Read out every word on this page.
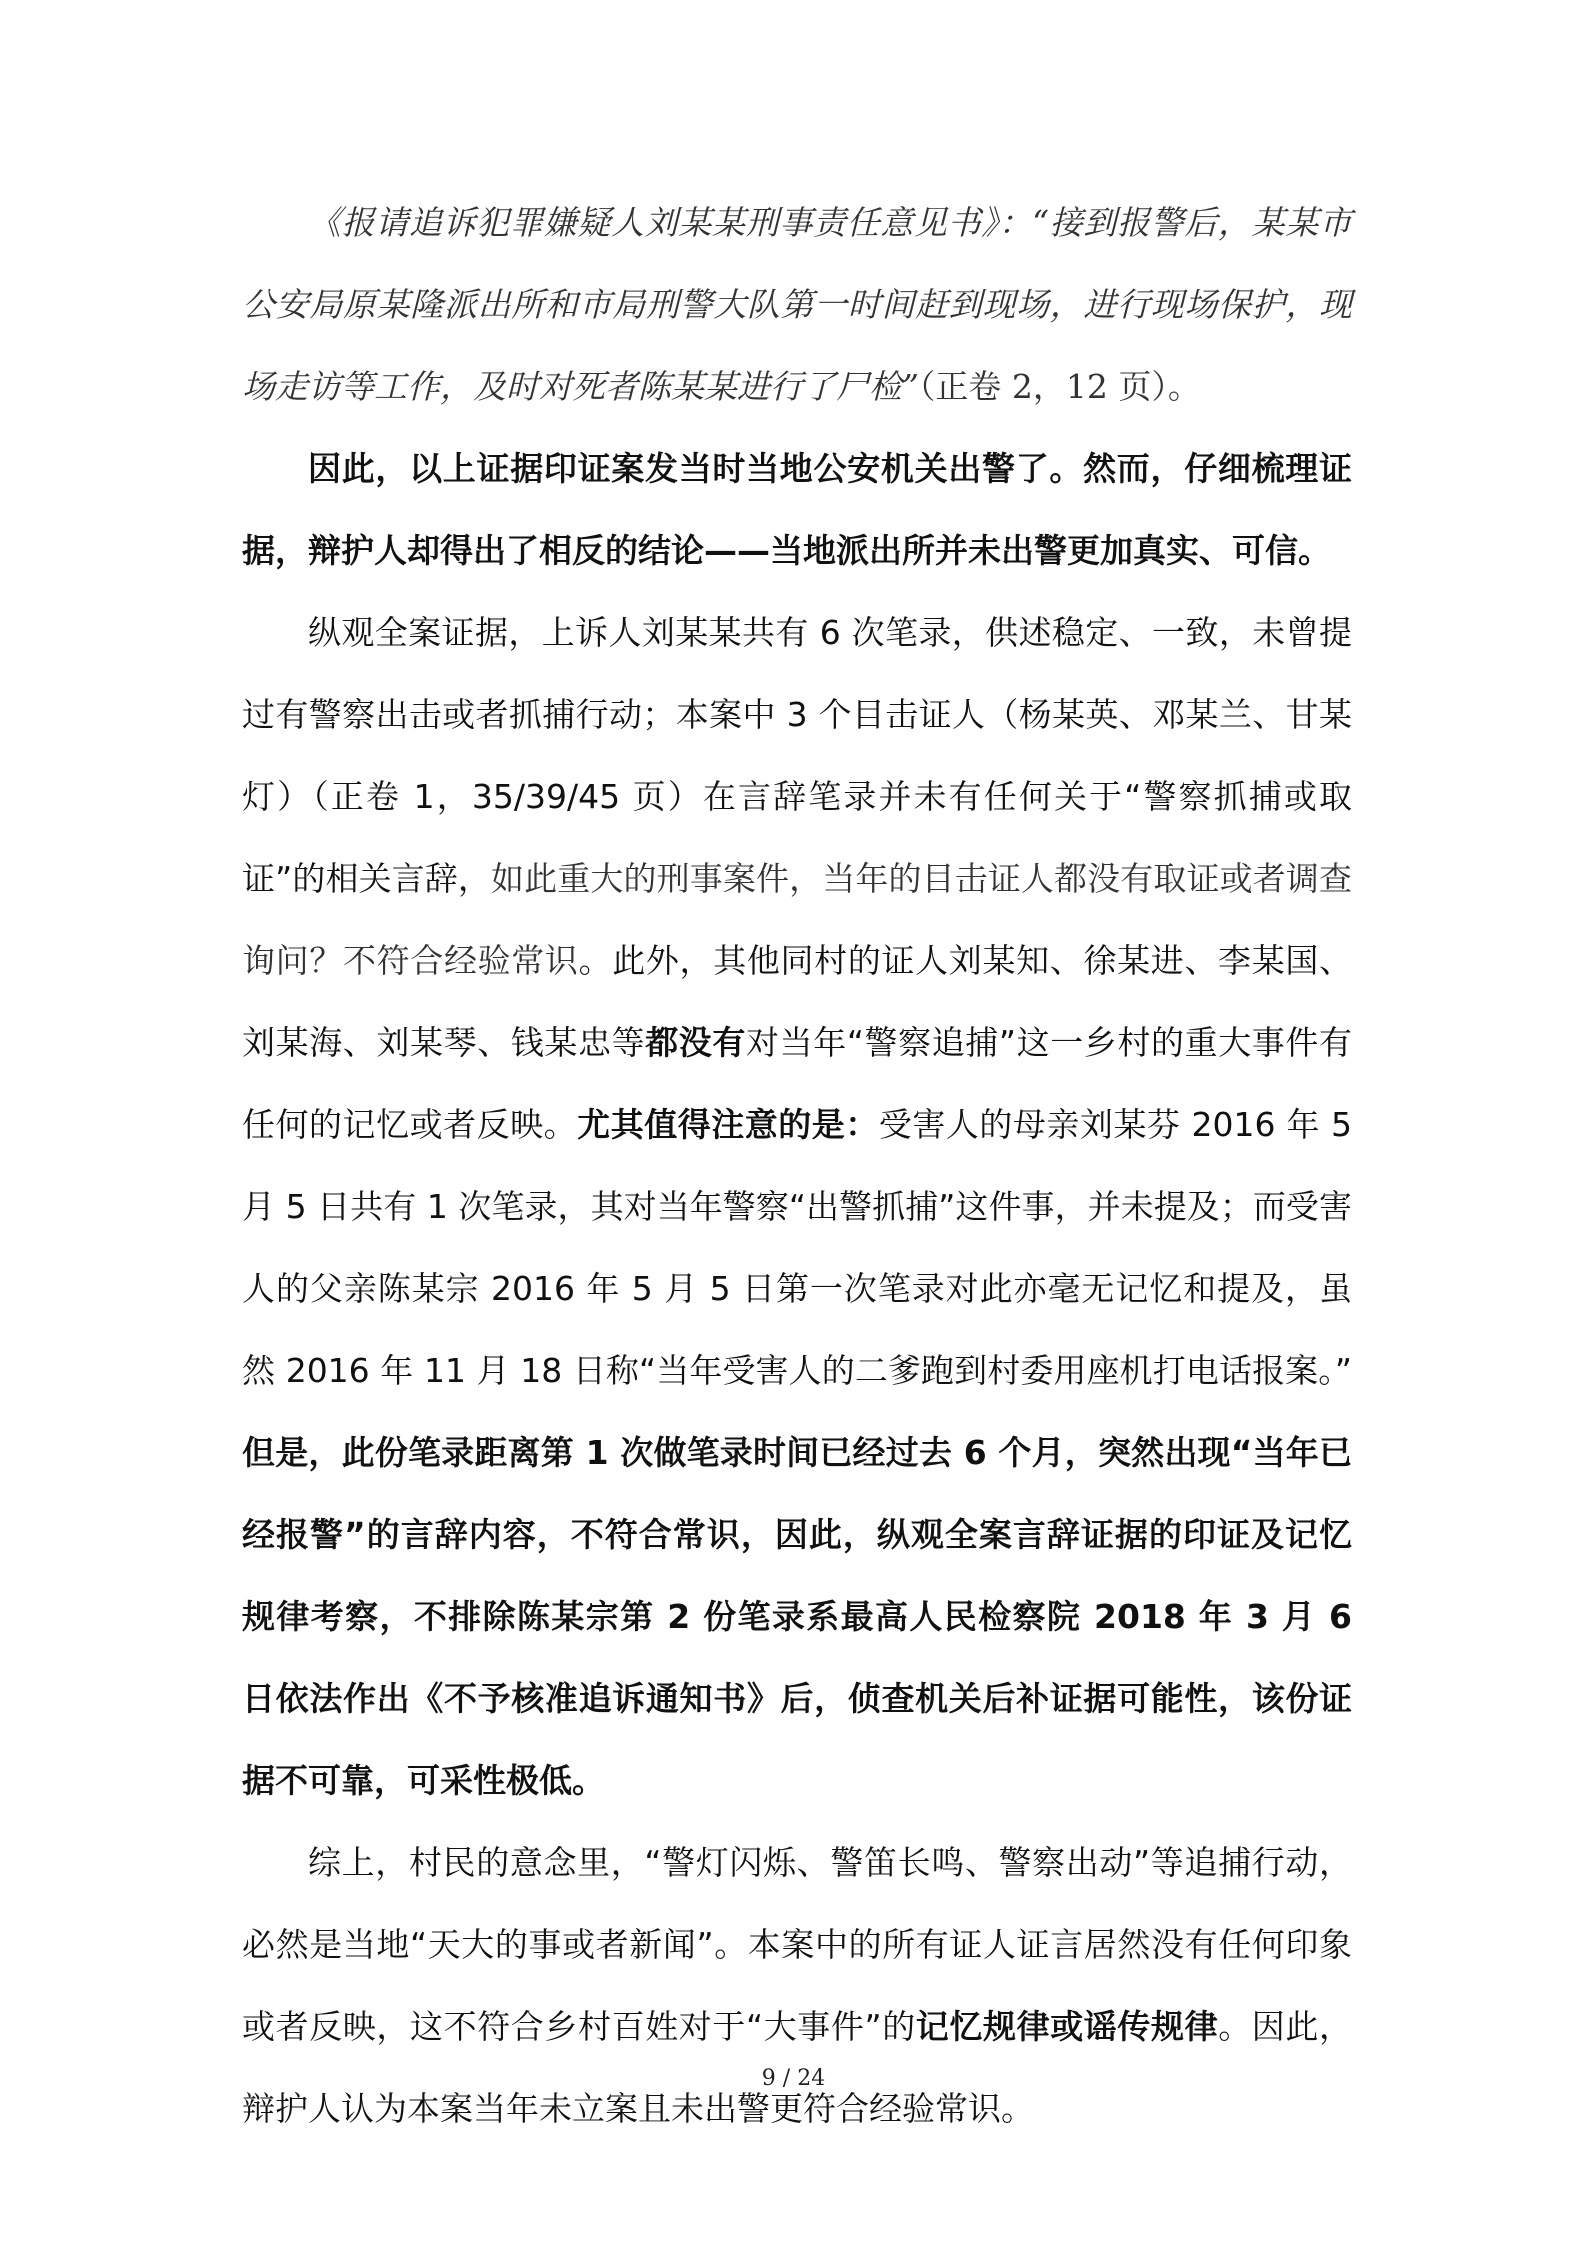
《报请追诉犯罪嫌疑人刘某某刑事责任意见书》：“接到报警后，某某市公安局原某隆派出所和市局刑警大队第一时间赶到现场，进行现场保护，现场走访等工作，及时对死者陈某某进行了尸检”（正卷 2，12 页）。

因此，以上证据印证案发当时当地公安机关出警了。然而，仔细梳理证据，辩护人却得出了相反的结论——当地派出所并未出警更加真实、可信。

纵观全案证据，上诉人刘某某共有 6 次笔录，供述稳定、一致，未曾提过有警察出击或者抓捕行动；本案中 3 个目击证人（杨某英、邓某兰、甘某灯）（正卷 1，35/39/45 页）在言辞笔录并未有任何关于“警察抓捕或取证”的相关言辞，如此重大的刑事案件，当年的目击证人都没有取证或者调查询问？不符合经验常识。此外，其他同村的证人刘某知、徐某进、李某国、刘某海、刘某琴、钱某忠等都没有对当年“警察追捕”这一乡村的重大事件有任何的记忆或者反映。尤其值得注意的是：受害人的母亲刘某芬 2016 年 5 月 5 日共有 1 次笔录，其对当年警察“出警抓捕”这件事，并未提及；而受害人的父亲陈某宗 2016 年 5 月 5 日第一次笔录对此亦毫无记忆和提及，虽然 2016 年 11 月 18 日称“当年受害人的二爹跑到村委用座机打电话报案。” 但是，此份笔录距离第 1 次做笔录时间已经过去 6 个月，突然出现“当年已经报警”的言辞内容，不符合常识，因此，纵观全案言辞证据的印证及记忆规律考察，不排除陈某宗第 2 份笔录系最高人民检察院 2018 年 3 月 6 日依法作出《不予核准追诉通知书》后，侦查机关后补证据可能性，该份证据不可靠，可采性极低。

综上，村民的意念里，“警灯闪烁、警笛长鸣、警察出动”等追捕行动，必然是当地“天大的事或者新闻”。本案中的所有证人证言居然没有任何印象或者反映，这不符合乡村百姓对于“大事件”的记忆规律或谣传规律。因此，辩护人认为本案当年未立案且未出警更符合经验常识。

9 / 24
